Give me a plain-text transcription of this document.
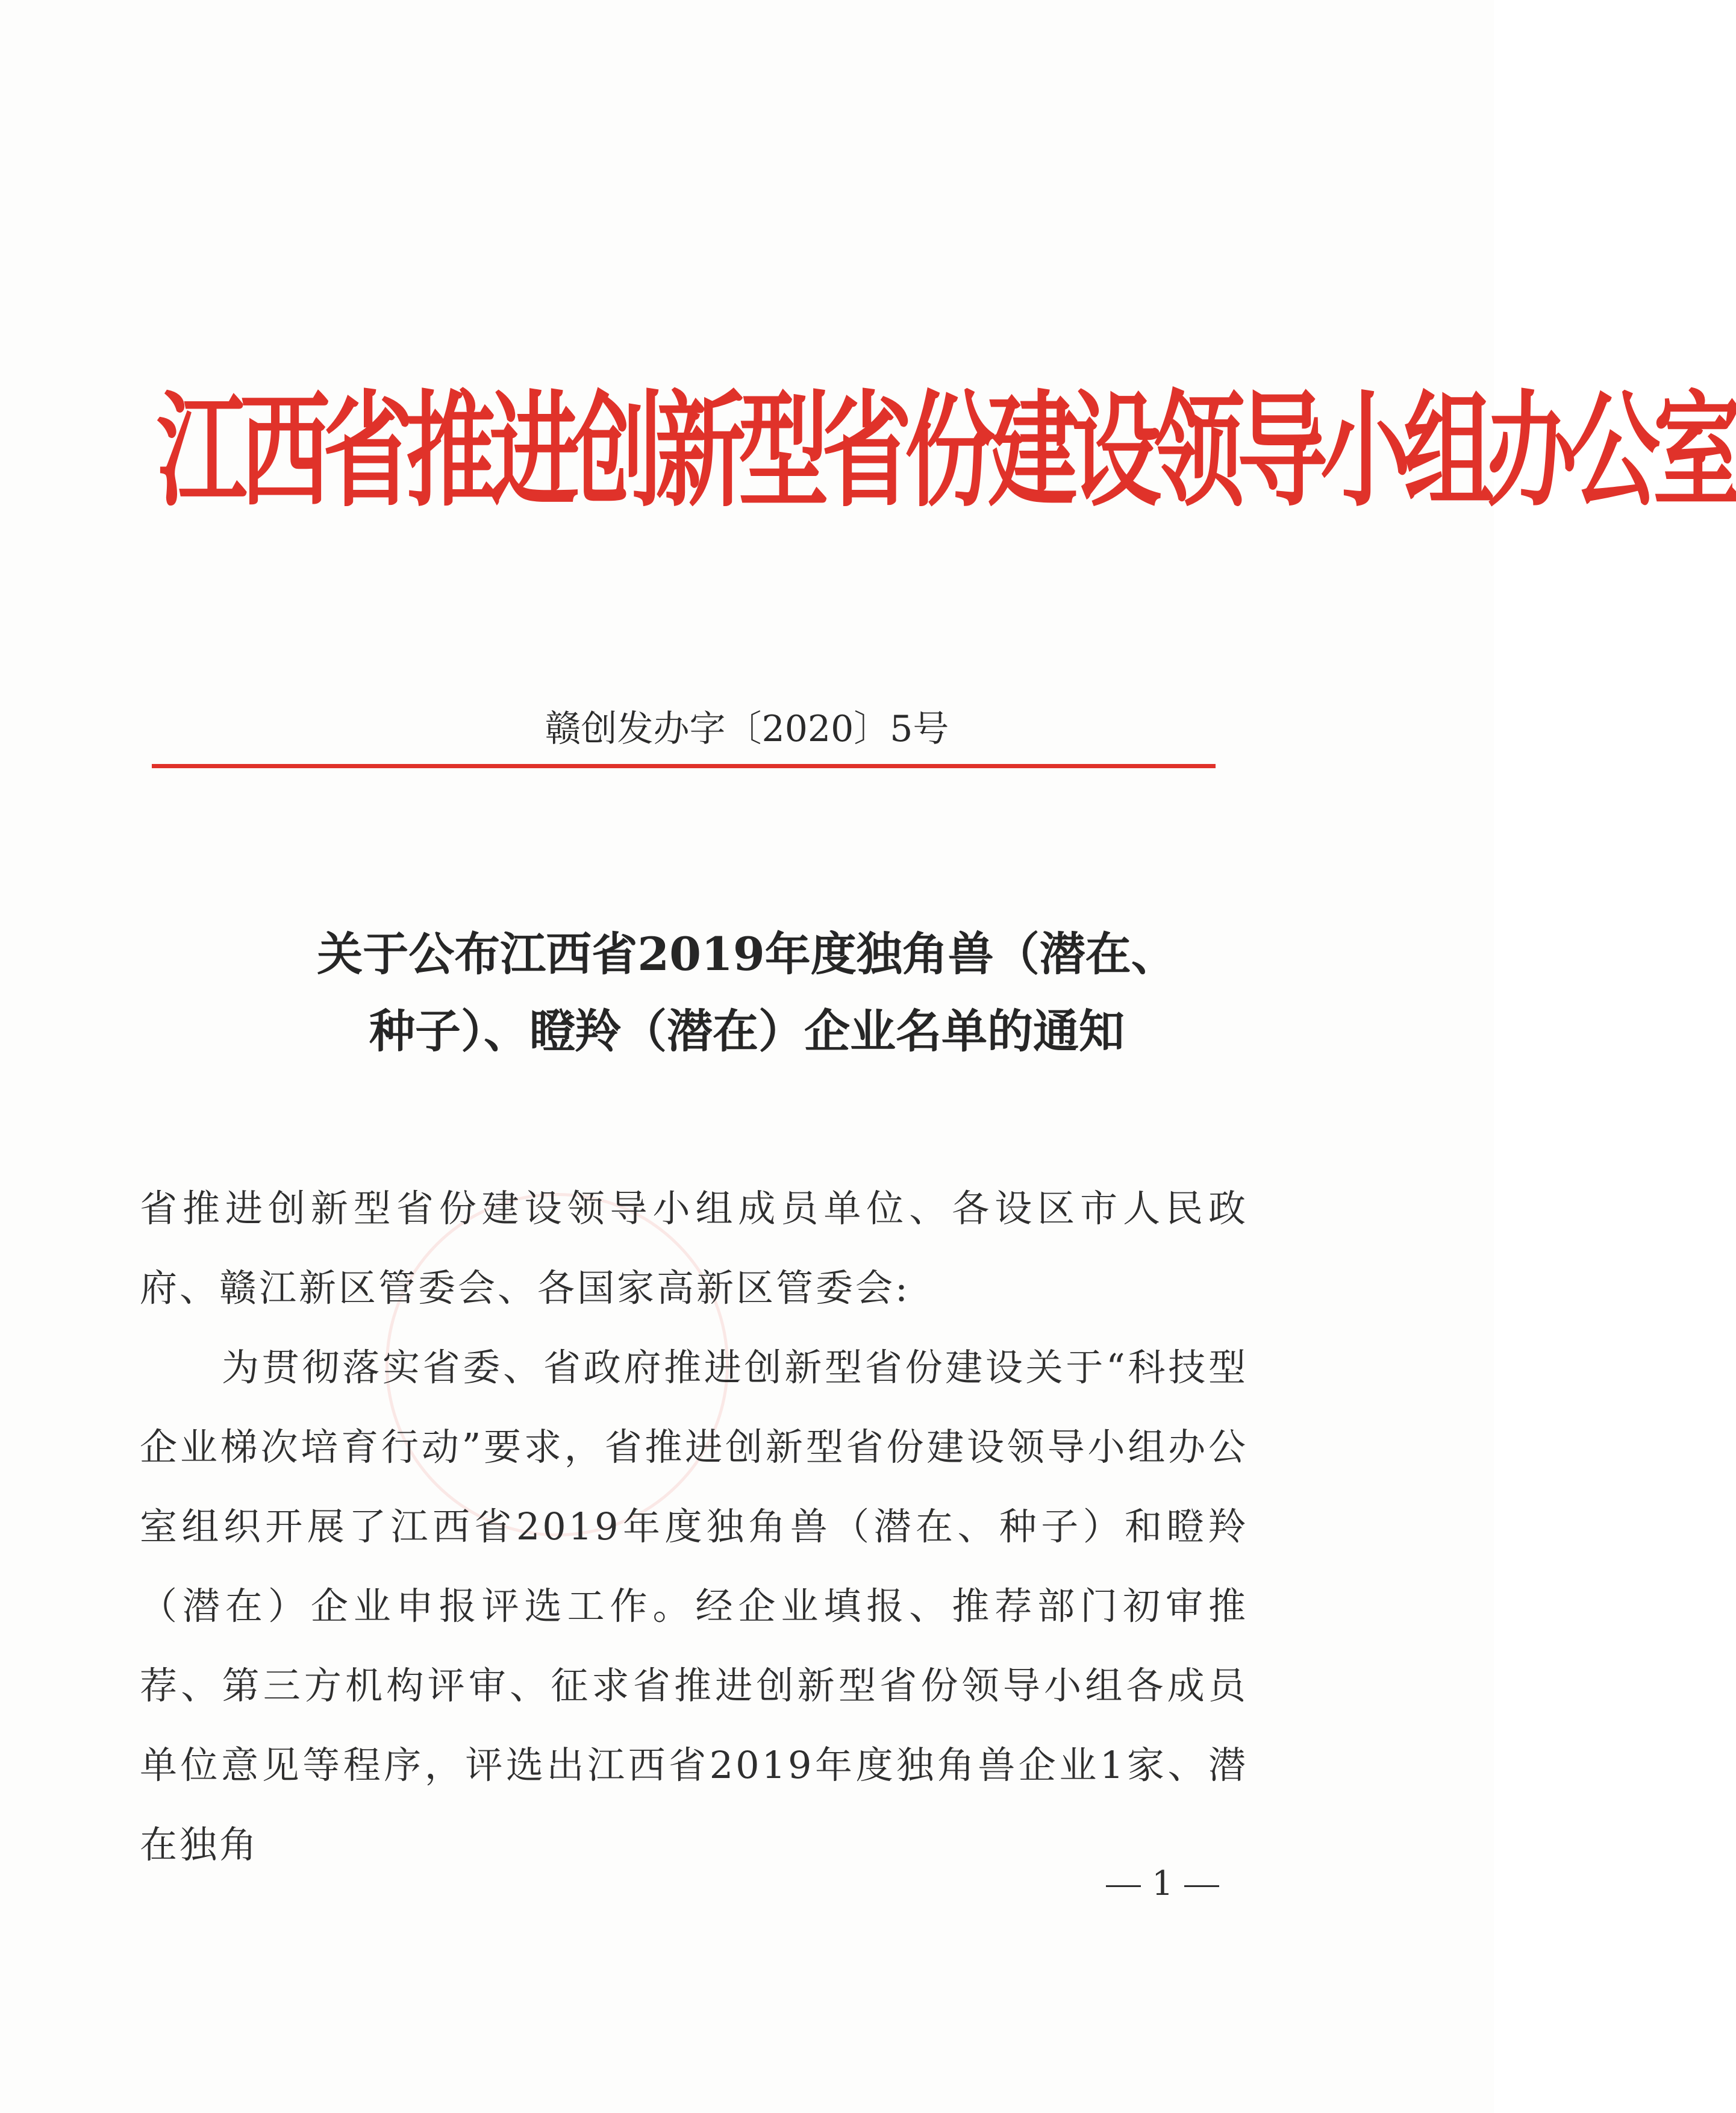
江西省推进创新型省份建设领导小组办公室
赣创发办字〔2020〕5号
关于公布江西省2019年度独角兽（潜在、
种子）、瞪羚（潜在）企业名单的通知

省推进创新型省份建设领导小组成员单位、各设区市人民政府、赣江新区管委会、各国家高新区管委会:

为贯彻落实省委、省政府推进创新型省份建设关于“科技型企业梯次培育行动”要求，省推进创新型省份建设领导小组办公室组织开展了江西省2019年度独角兽（潜在、种子）和瞪羚（潜在）企业申报评选工作。经企业填报、推荐部门初审推荐、第三方机构评审、征求省推进创新型省份领导小组各成员单位意见等程序，评选出江西省2019年度独角兽企业1家、潜在独角

1
